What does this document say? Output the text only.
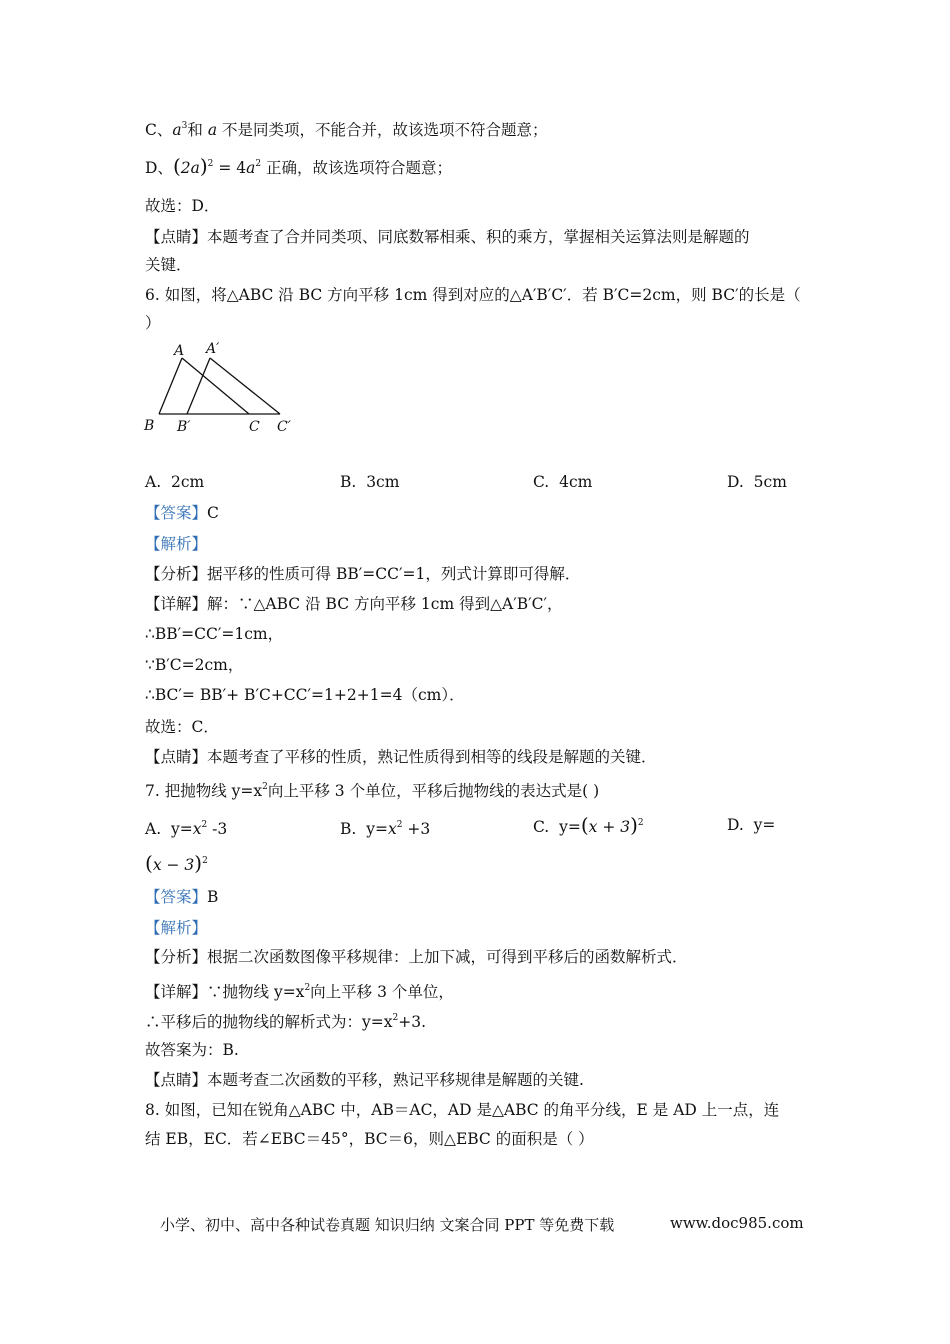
C、$a^3$和 a 不是同类项，不能合并，故该选项不符合题意；
D、$(2a)^2 = 4a^2$ 正确，故该选项符合题意；
故选：D．
【点睛】本题考查了合并同类项、同底数幂相乘、积的乘方，掌握相关运算法则是解题的
关键．
6. 如图，将△ABC 沿 BC 方向平移 1cm 得到对应的△A′B′C′．若 B′C=2cm，则 BC′的长是（
）
A A′
B B′	C C′
A. 2cm	B. 3cm	C. 4cm	D. 5cm
【答案】C
【解析】
【分析】据平移的性质可得 BB′=CC′=1，列式计算即可得解．
【详解】解：∵△ABC 沿 BC 方向平移 1cm 得到△A′B′C′，
∴BB′=CC′=1cm，
∵B′C=2cm，
∴BC′= BB′+ B′C+CC′=1+2+1=4（cm）．
故选：C．
【点睛】本题考查了平移的性质，熟记性质得到相等的线段是解题的关键．
7. 把抛物线 $y=x^2$向上平移 3 个单位，平移后抛物线的表达式是( )
A. $y=x^2$ -3	B. $y=x^2 +3$	C. $y=(x + 3)^2$	D. y=
$(x - 3)^2$
【答案】B
【解析】
【分析】根据二次函数图像平移规律：上加下减，可得到平移后的函数解析式．
【详解】∵抛物线 $y=x^2$向上平移 3 个单位，
∴平移后的抛物线的解析式为：$y=x^2+3$.
故答案为：B.
【点睛】本题考查二次函数的平移，熟记平移规律是解题的关键.
8. 如图，已知在锐角△ABC 中，AB＝AC，AD 是△ABC 的角平分线，E 是 AD 上一点，连
结 EB，EC．若∠EBC＝45°，BC＝6，则△EBC 的面积是（ ）
小学、初中、高中各种试卷真题 知识归纳 文案合同 PPT 等免费下载	www.doc985.com
